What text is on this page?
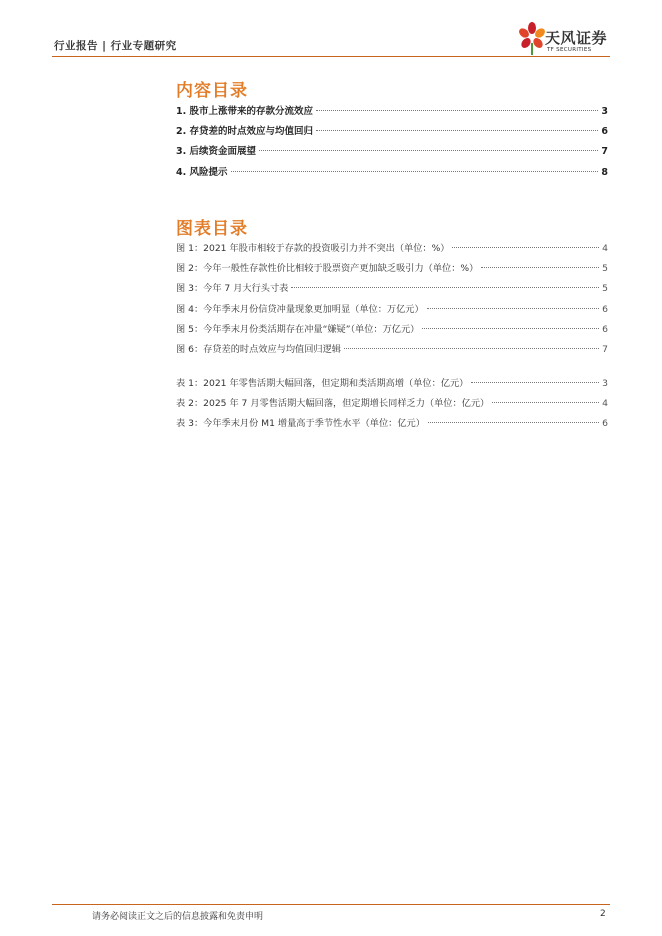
行业报告 | 行业专题研究	天风证券
TF SECURITIES
内容目录
1. 股市上涨带来的存款分流效应	3
2. 存贷差的时点效应与均值回归	6
3. 后续资金面展望	7
4. 风险提示	8
图表目录
图 1：2021 年股市相较于存款的投资吸引力并不突出（单位：%）	4
图 2：今年一般性存款性价比相较于股票资产更加缺乏吸引力（单位：%）	5
图 3：今年 7 月大行头寸表	5
图 4：今年季末月份信贷冲量现象更加明显（单位：万亿元）	6
图 5：今年季末月份类活期存在冲量“嫌疑”（单位：万亿元）	6
图 6：存贷差的时点效应与均值回归逻辑	7
表 1：2021 年零售活期大幅回落，但定期和类活期高增（单位：亿元）	3
表 2：2025 年 7 月零售活期大幅回落，但定期增长同样乏力（单位：亿元）	4
表 3：今年季末月份 M1 增量高于季节性水平（单位：亿元）	6
请务必阅读正文之后的信息披露和免责申明	2
